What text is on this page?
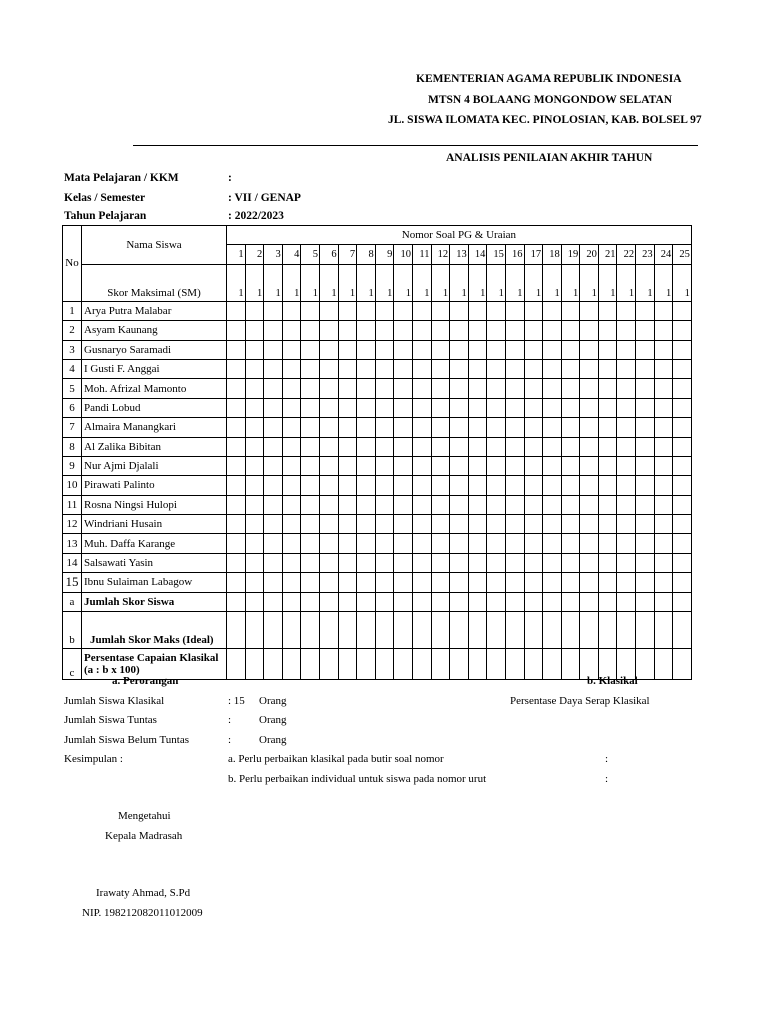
KEMENTERIAN AGAMA REPUBLIK INDONESIA
MTSN 4 BOLAANG MONGONDOW SELATAN
JL. SISWA ILOMATA KEC. PINOLOSIAN, KAB. BOLSEL 97
ANALISIS PENILAIAN AKHIR TAHUN
Mata Pelajaran / KKM	:
Kelas / Semester	: VII / GENAP
Tahun Pelajaran	: 2022/2023
No	Nama Siswa	Nomor Soal PG & Uraian																								
		1	2	3	4	5	6	7	8	9	10	11	12	13	14	15	16	17	18	19	20	21	22	23	24	25
	Skor Maksimal (SM)	1	1	1	1	1	1	1	1	1	1	1	1	1	1	1	1	1	1	1	1	1	1	1	1	1
1	Arya Putra Malabar																									
2	Asyam Kaunang																									
3	Gusnaryo Saramadi																									
4	I Gusti F. Anggai																									
5	Moh. Afrizal Mamonto																									
6	Pandi Lobud																									
7	Almaira Manangkari																									
8	Al Zalika Bibitan																									
9	Nur Ajmi Djalali																									
10	Pirawati Palinto																									
11	Rosna Ningsi Hulopi																									
12	Windriani Husain																									
13	Muh. Daffa Karange																									
14	Salsawati Yasin																									
15	Ibnu Sulaiman Labagow																									
a	Jumlah Skor Siswa																									
b	Jumlah Skor Maks (Ideal)																									
c	Persentase Capaian Klasikal
(a : b x 100)																									

a. Perorangan	b. Klasikal
Jumlah Siswa Klasikal	: 15 Orang	Persentase Daya Serap Klasikal
Jumlah Siswa Tuntas	:	Orang
Jumlah Siswa Belum Tuntas	:	Orang
Kesimpulan :	a. Perlu perbaikan klasikal pada butir soal nomor	:
b. Perlu perbaikan individual untuk siswa pada nomor urut	:
Mengetahui
Kepala Madrasah
Irawaty Ahmad, S.Pd
NIP. 198212082011012009
